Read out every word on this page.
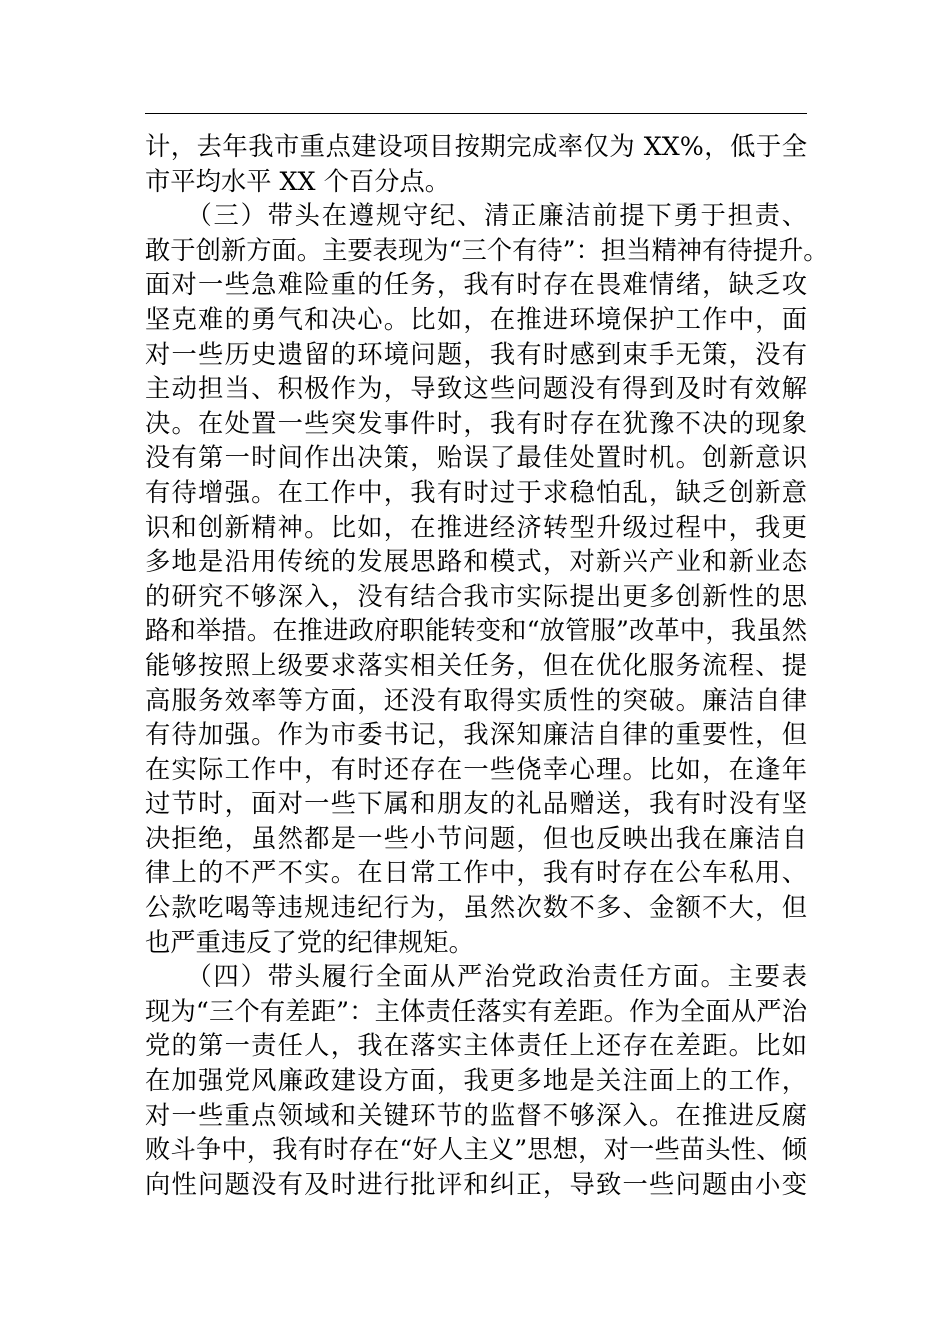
计，去年我市重点建设项目按期完成率仅为 XX%，低于全
市平均水平 XX 个百分点。
　　（三）带头在遵规守纪、清正廉洁前提下勇于担责、
敢于创新方面。主要表现为“三个有待”：担当精神有待提升。
面对一些急难险重的任务，我有时存在畏难情绪，缺乏攻
坚克难的勇气和决心。比如，在推进环境保护工作中，面
对一些历史遗留的环境问题，我有时感到束手无策，没有
主动担当、积极作为，导致这些问题没有得到及时有效解
决。在处置一些突发事件时，我有时存在犹豫不决的现象
没有第一时间作出决策，贻误了最佳处置时机。创新意识
有待增强。在工作中，我有时过于求稳怕乱，缺乏创新意
识和创新精神。比如，在推进经济转型升级过程中，我更
多地是沿用传统的发展思路和模式，对新兴产业和新业态
的研究不够深入，没有结合我市实际提出更多创新性的思
路和举措。在推进政府职能转变和“放管服”改革中，我虽然
能够按照上级要求落实相关任务，但在优化服务流程、提
高服务效率等方面，还没有取得实质性的突破。廉洁自律
有待加强。作为市委书记，我深知廉洁自律的重要性，但
在实际工作中，有时还存在一些侥幸心理。比如，在逢年
过节时，面对一些下属和朋友的礼品赠送，我有时没有坚
决拒绝，虽然都是一些小节问题，但也反映出我在廉洁自
律上的不严不实。在日常工作中，我有时存在公车私用、
公款吃喝等违规违纪行为，虽然次数不多、金额不大，但
也严重违反了党的纪律规矩。
　　（四）带头履行全面从严治党政治责任方面。主要表
现为“三个有差距”：主体责任落实有差距。作为全面从严治
党的第一责任人，我在落实主体责任上还存在差距。比如
在加强党风廉政建设方面，我更多地是关注面上的工作，
对一些重点领域和关键环节的监督不够深入。在推进反腐
败斗争中，我有时存在“好人主义”思想，对一些苗头性、倾
向性问题没有及时进行批评和纠正，导致一些问题由小变
